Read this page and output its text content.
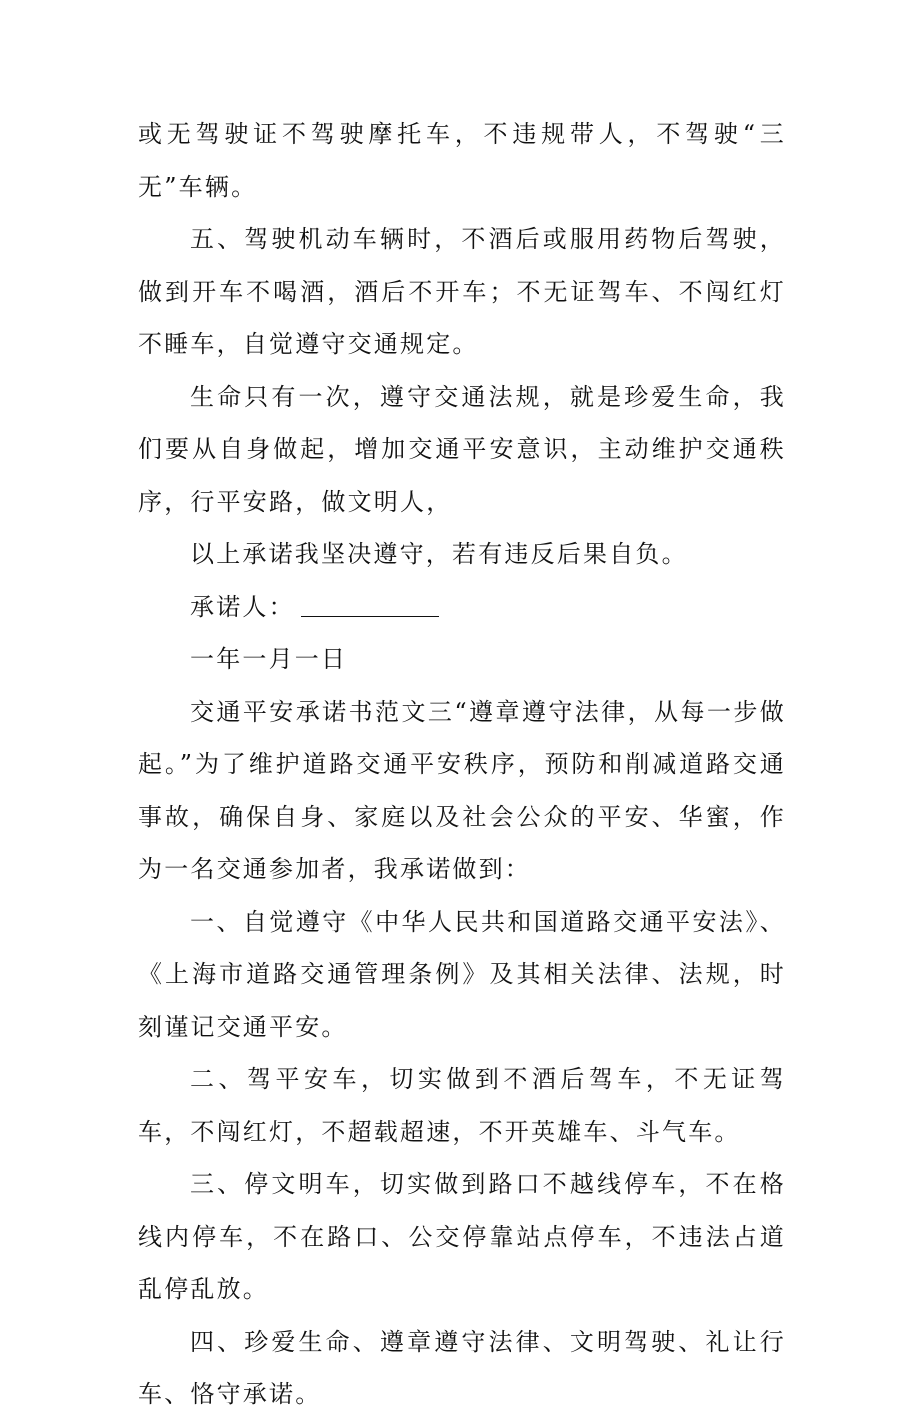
或无驾驶证不驾驶摩托车，不违规带人，不驾驶“三无”车辆。

五、驾驶机动车辆时，不酒后或服用药物后驾驶，做到开车不喝酒，酒后不开车；不无证驾车、不闯红灯不睡车，自觉遵守交通规定。

生命只有一次，遵守交通法规，就是珍爱生命，我们要从自身做起，增加交通平安意识，主动维护交通秩序，行平安路，做文明人，

以上承诺我坚决遵守，若有违反后果自负。

承诺人：

一年一月一日

交通平安承诺书范文三“遵章遵守法律，从每一步做起。”为了维护道路交通平安秩序，预防和削减道路交通事故，确保自身、家庭以及社会公众的平安、华蜜，作为一名交通参加者，我承诺做到：

一、自觉遵守《中华人民共和国道路交通平安法》、《上海市道路交通管理条例》及其相关法律、法规，时刻谨记交通平安。

二、驾平安车，切实做到不酒后驾车，不无证驾车，不闯红灯，不超载超速，不开英雄车、斗气车。

三、停文明车，切实做到路口不越线停车，不在格线内停车，不在路口、公交停靠站点停车，不违法占道乱停乱放。

四、珍爱生命、遵章遵守法律、文明驾驶、礼让行车、恪守承诺。
